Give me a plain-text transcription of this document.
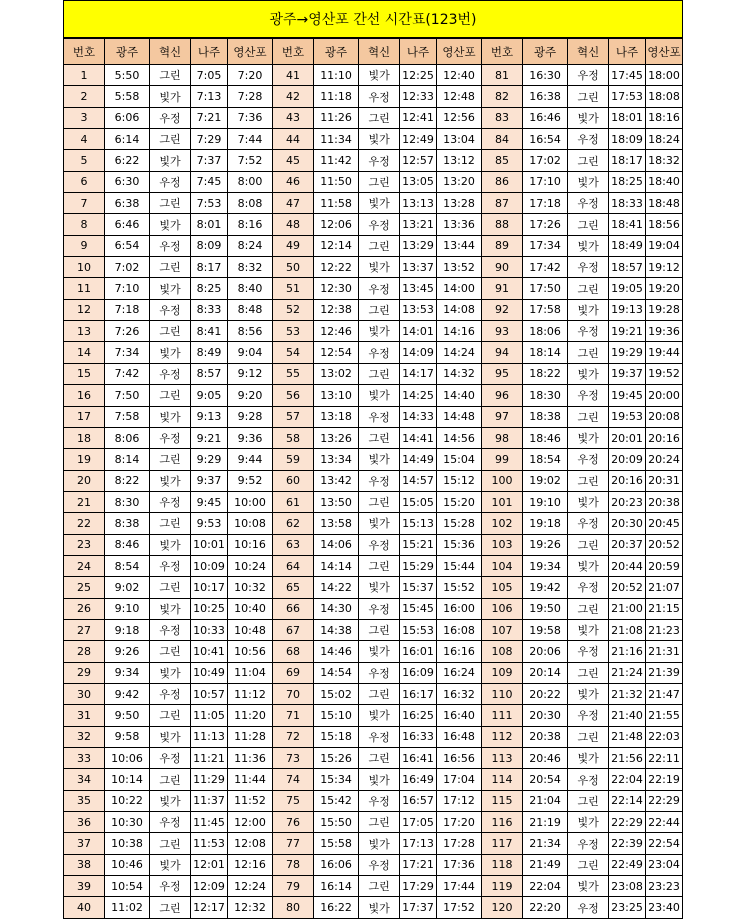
광주→영산포 간선 시간표(123번)
번호	광주	혁신	나주	영산포	번호	광주	혁신	나주	영산포	번호	광주	혁신	나주	영산포
1	5:50	그린	7:05	7:20	41	11:10	빛가	12:25	12:40	81	16:30	우정	17:45	18:00
2	5:58	빛가	7:13	7:28	42	11:18	우정	12:33	12:48	82	16:38	그린	17:53	18:08
3	6:06	우정	7:21	7:36	43	11:26	그린	12:41	12:56	83	16:46	빛가	18:01	18:16
4	6:14	그린	7:29	7:44	44	11:34	빛가	12:49	13:04	84	16:54	우정	18:09	18:24
5	6:22	빛가	7:37	7:52	45	11:42	우정	12:57	13:12	85	17:02	그린	18:17	18:32
6	6:30	우정	7:45	8:00	46	11:50	그린	13:05	13:20	86	17:10	빛가	18:25	18:40
7	6:38	그린	7:53	8:08	47	11:58	빛가	13:13	13:28	87	17:18	우정	18:33	18:48
8	6:46	빛가	8:01	8:16	48	12:06	우정	13:21	13:36	88	17:26	그린	18:41	18:56
9	6:54	우정	8:09	8:24	49	12:14	그린	13:29	13:44	89	17:34	빛가	18:49	19:04
10	7:02	그린	8:17	8:32	50	12:22	빛가	13:37	13:52	90	17:42	우정	18:57	19:12
11	7:10	빛가	8:25	8:40	51	12:30	우정	13:45	14:00	91	17:50	그린	19:05	19:20
12	7:18	우정	8:33	8:48	52	12:38	그린	13:53	14:08	92	17:58	빛가	19:13	19:28
13	7:26	그린	8:41	8:56	53	12:46	빛가	14:01	14:16	93	18:06	우정	19:21	19:36
14	7:34	빛가	8:49	9:04	54	12:54	우정	14:09	14:24	94	18:14	그린	19:29	19:44
15	7:42	우정	8:57	9:12	55	13:02	그린	14:17	14:32	95	18:22	빛가	19:37	19:52
16	7:50	그린	9:05	9:20	56	13:10	빛가	14:25	14:40	96	18:30	우정	19:45	20:00
17	7:58	빛가	9:13	9:28	57	13:18	우정	14:33	14:48	97	18:38	그린	19:53	20:08
18	8:06	우정	9:21	9:36	58	13:26	그린	14:41	14:56	98	18:46	빛가	20:01	20:16
19	8:14	그린	9:29	9:44	59	13:34	빛가	14:49	15:04	99	18:54	우정	20:09	20:24
20	8:22	빛가	9:37	9:52	60	13:42	우정	14:57	15:12	100	19:02	그린	20:16	20:31
21	8:30	우정	9:45	10:00	61	13:50	그린	15:05	15:20	101	19:10	빛가	20:23	20:38
22	8:38	그린	9:53	10:08	62	13:58	빛가	15:13	15:28	102	19:18	우정	20:30	20:45
23	8:46	빛가	10:01	10:16	63	14:06	우정	15:21	15:36	103	19:26	그린	20:37	20:52
24	8:54	우정	10:09	10:24	64	14:14	그린	15:29	15:44	104	19:34	빛가	20:44	20:59
25	9:02	그린	10:17	10:32	65	14:22	빛가	15:37	15:52	105	19:42	우정	20:52	21:07
26	9:10	빛가	10:25	10:40	66	14:30	우정	15:45	16:00	106	19:50	그린	21:00	21:15
27	9:18	우정	10:33	10:48	67	14:38	그린	15:53	16:08	107	19:58	빛가	21:08	21:23
28	9:26	그린	10:41	10:56	68	14:46	빛가	16:01	16:16	108	20:06	우정	21:16	21:31
29	9:34	빛가	10:49	11:04	69	14:54	우정	16:09	16:24	109	20:14	그린	21:24	21:39
30	9:42	우정	10:57	11:12	70	15:02	그린	16:17	16:32	110	20:22	빛가	21:32	21:47
31	9:50	그린	11:05	11:20	71	15:10	빛가	16:25	16:40	111	20:30	우정	21:40	21:55
32	9:58	빛가	11:13	11:28	72	15:18	우정	16:33	16:48	112	20:38	그린	21:48	22:03
33	10:06	우정	11:21	11:36	73	15:26	그린	16:41	16:56	113	20:46	빛가	21:56	22:11
34	10:14	그린	11:29	11:44	74	15:34	빛가	16:49	17:04	114	20:54	우정	22:04	22:19
35	10:22	빛가	11:37	11:52	75	15:42	우정	16:57	17:12	115	21:04	그린	22:14	22:29
36	10:30	우정	11:45	12:00	76	15:50	그린	17:05	17:20	116	21:19	빛가	22:29	22:44
37	10:38	그린	11:53	12:08	77	15:58	빛가	17:13	17:28	117	21:34	우정	22:39	22:54
38	10:46	빛가	12:01	12:16	78	16:06	우정	17:21	17:36	118	21:49	그린	22:49	23:04
39	10:54	우정	12:09	12:24	79	16:14	그린	17:29	17:44	119	22:04	빛가	23:08	23:23
40	11:02	그린	12:17	12:32	80	16:22	빛가	17:37	17:52	120	22:20	우정	23:25	23:40
